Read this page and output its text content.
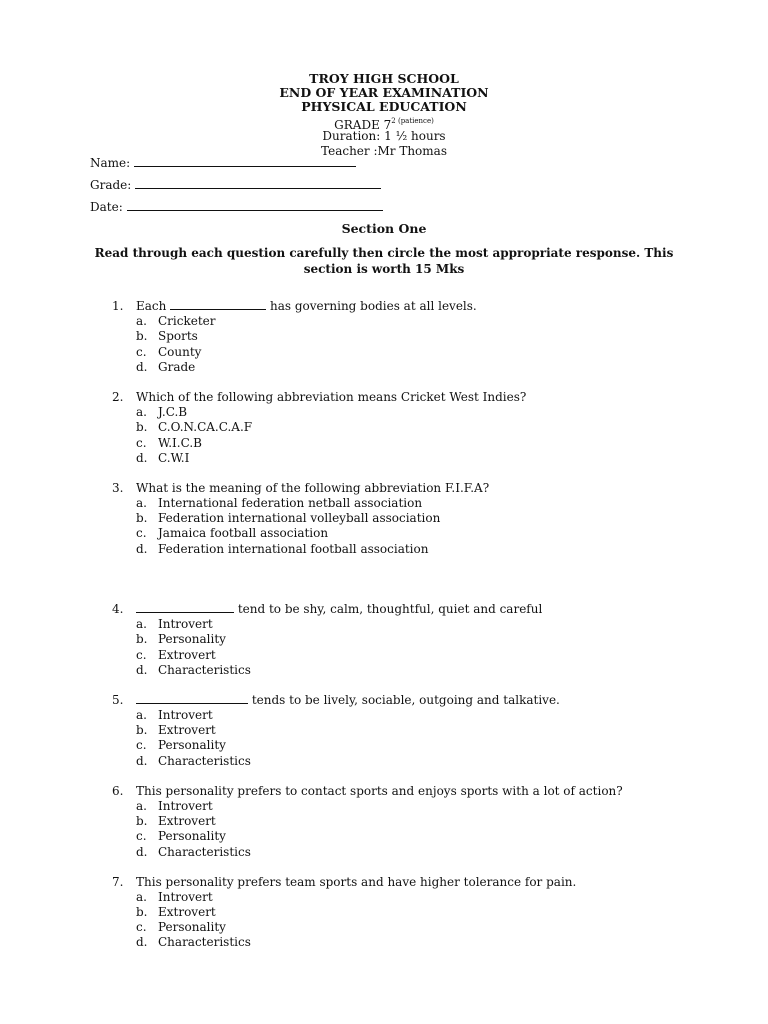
TROY HIGH SCHOOL
END OF YEAR EXAMINATION
PHYSICAL EDUCATION
GRADE $7^{2 (patience)}$
Duration: 1 ½ hours
Teacher :Mr Thomas
Name:
Grade:
Date:
Section One
Read through each question carefully then circle the most appropriate response. This
section is worth 15 Mks
1. Each	has governing bodies at all levels.
a. Cricketer
b. Sports
c. County
d. Grade
2. Which of the following abbreviation means Cricket West Indies?
a. J.C.B
b. C.O.N.CA.C.A.F
c. W.I.C.B
d. C.W.I
3. What is the meaning of the following abbreviation F.I.F.A?
a. International federation netball association
b. Federation international volleyball association
c. Jamaica football association
d. Federation international football association
4.	tend to be shy, calm, thoughtful, quiet and careful
a. Introvert
b. Personality
c. Extrovert
d. Characteristics
5.	tends to be lively, sociable, outgoing and talkative.
a. Introvert
b. Extrovert
c. Personality
d. Characteristics
6. This personality prefers to contact sports and enjoys sports with a lot of action?
a. Introvert
b. Extrovert
c. Personality
d. Characteristics
7. This personality prefers team sports and have higher tolerance for pain.
a. Introvert
b. Extrovert
c. Personality
d. Characteristics
